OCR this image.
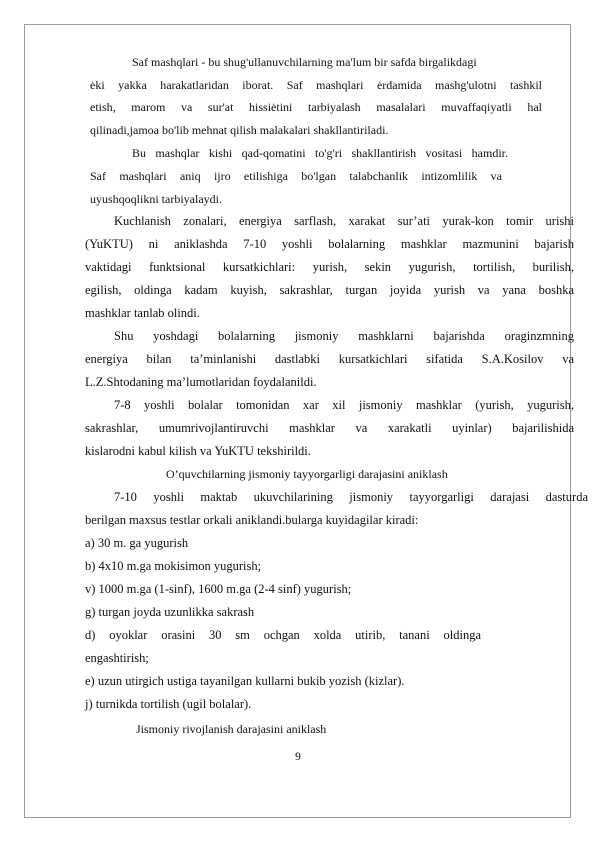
Saf mashqlari - bu shug'ullanuvchilarning ma'lum bir safda birgalikdagi
ėki yakka harakatlaridan iborat. Saf mashqlari ėrdamida mashg'ulotni tashkil
etish, marom va sur'at hissiėtini tarbiyalash masalalari muvaffaqiyatli hal
qilinadi,jamoa bo'lib mehnat qilish malakalari shakllantiriladi.
Bu mashqlar kishi qad-qomatini to'g'ri shakllantirish vositasi hamdir.
Saf mashqlari aniq ijro etilishiga bo'lgan talabchanlik intizomlilik va
uyushqoqlikni tarbiyalaydi.
Kuchlanish zonalari, energiya sarflash, xarakat sur’ati yurak-kon tomir urishi
(YuKTU) ni aniklashda 7-10 yoshli bolalarning mashklar mazmunini bajarish
vaktidagi funktsional kursatkichlari: yurish, sekin yugurish, tortilish, burilish,
egilish, oldinga kadam kuyish, sakrashlar, turgan joyida yurish va yana boshka
mashklar tanlab olindi.
Shu yoshdagi bolalarning jismoniy mashklarni bajarishda oraginzmning
energiya bilan ta’minlanishi dastlabki kursatkichlari sifatida S.A.Kosilov va
L.Z.Shtodaning ma’lumotlaridan foydalanildi.
7-8 yoshli bolalar tomonidan xar xil jismoniy mashklar (yurish, yugurish,
sakrashlar, umumrivojlantiruvchi mashklar va xarakatli uyinlar) bajarilishida
kislarodni kabul kilish va YuKTU tekshirildi.
O’quvchilarning jismoniy tayyorgarligi darajasini aniklash
7-10 yoshli maktab ukuvchilarining jismoniy tayyorgarligi darajasi dasturda
berilgan maxsus testlar orkali aniklandi.bularga kuyidagilar kiradi:
a) 30 m. ga yugurish
b) 4x10 m.ga mokisimon yugurish;
v) 1000 m.ga (1-sinf), 1600 m.ga (2-4 sinf) yugurish;
g) turgan joyda uzunlikka sakrash
d) oyoklar orasini 30 sm ochgan xolda utirib, tanani oldinga
engashtirish;
e) uzun utirgich ustiga tayanilgan kullarni bukib yozish (kizlar).
j) turnikda tortilish (ugil bolalar).
Jismoniy rivojlanish darajasini aniklash
9
